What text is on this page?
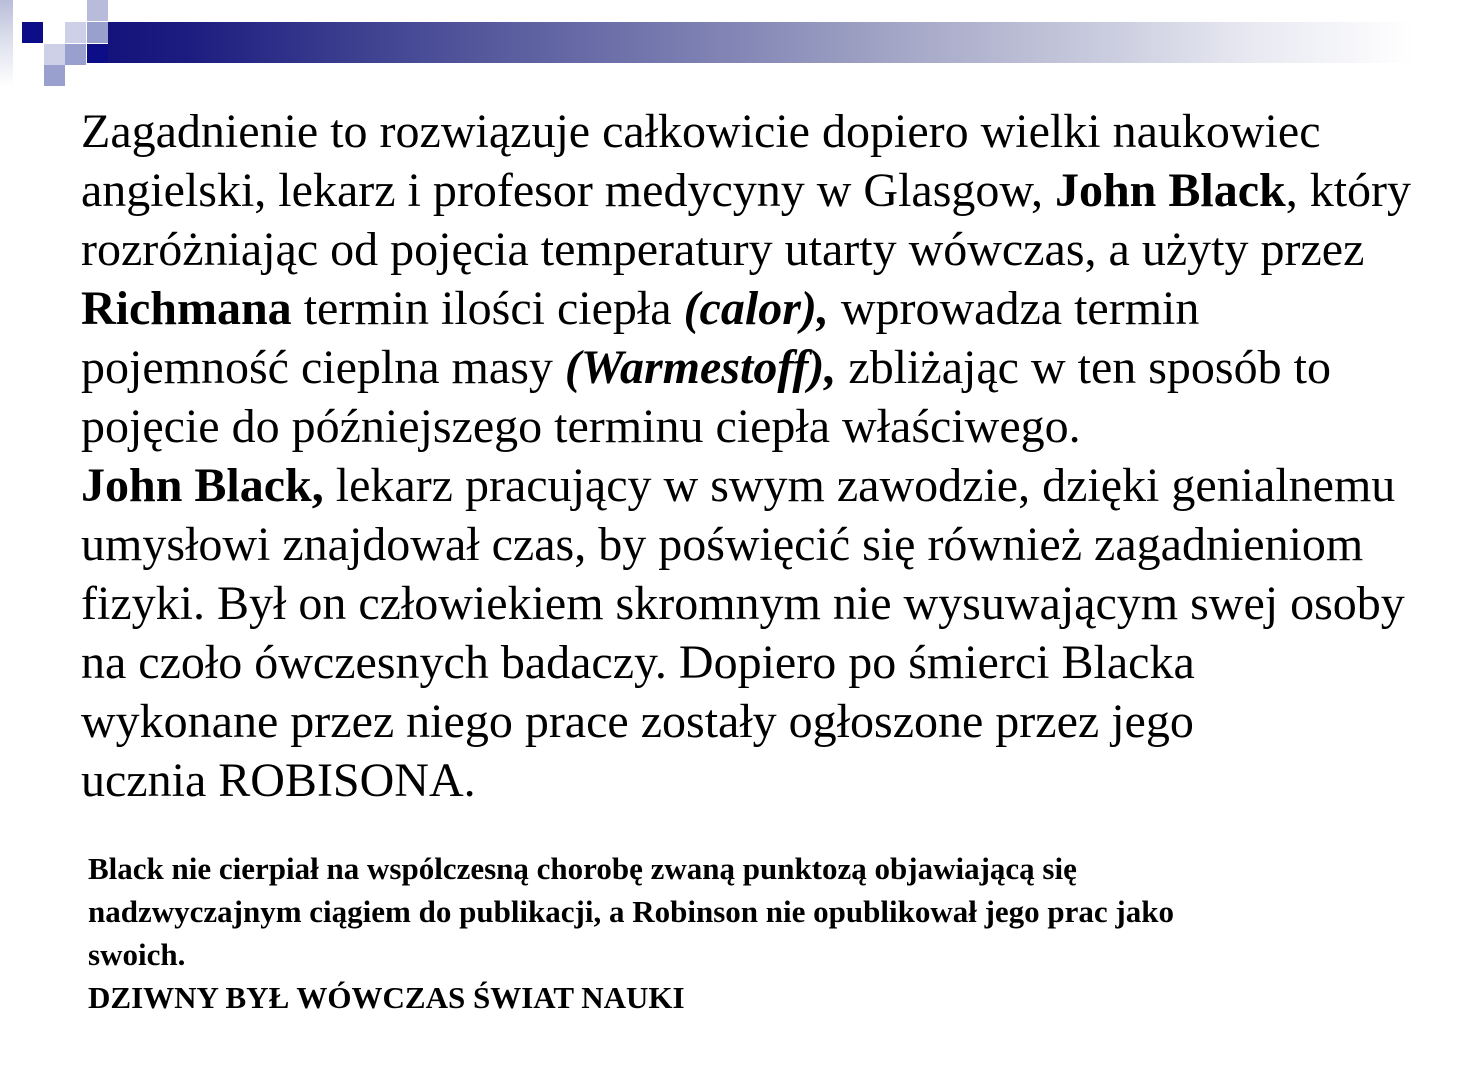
Zagadnienie to rozwiązuje całkowicie dopiero wielki naukowiec
angielski, lekarz i profesor medycyny w Glasgow, John Black, który
rozróżniając od pojęcia temperatury utarty wówczas, a użyty przez
Richmana termin ilości ciepła (calor), wprowadza termin
pojemność cieplna masy (Warmestoff), zbliżając w ten sposób to
pojęcie do późniejszego terminu ciepła właściwego.
John Black, lekarz pracujący w swym zawodzie, dzięki genialnemu
umysłowi znajdował czas, by poświęcić się również zagadnieniom
fizyki. Był on człowiekiem skromnym nie wysuwającym swej osoby
na czoło ówczesnych badaczy. Dopiero po śmierci Blacka
wykonane przez niego prace zostały ogłoszone przez jego
ucznia ROBISONA.
Black nie cierpiał na wspólczesną chorobę zwaną punktozą objawiającą się
nadzwyczajnym ciągiem do publikacji, a Robinson nie opublikował jego prac jako
swoich.
DZIWNY BYŁ WÓWCZAS ŚWIAT NAUKI
